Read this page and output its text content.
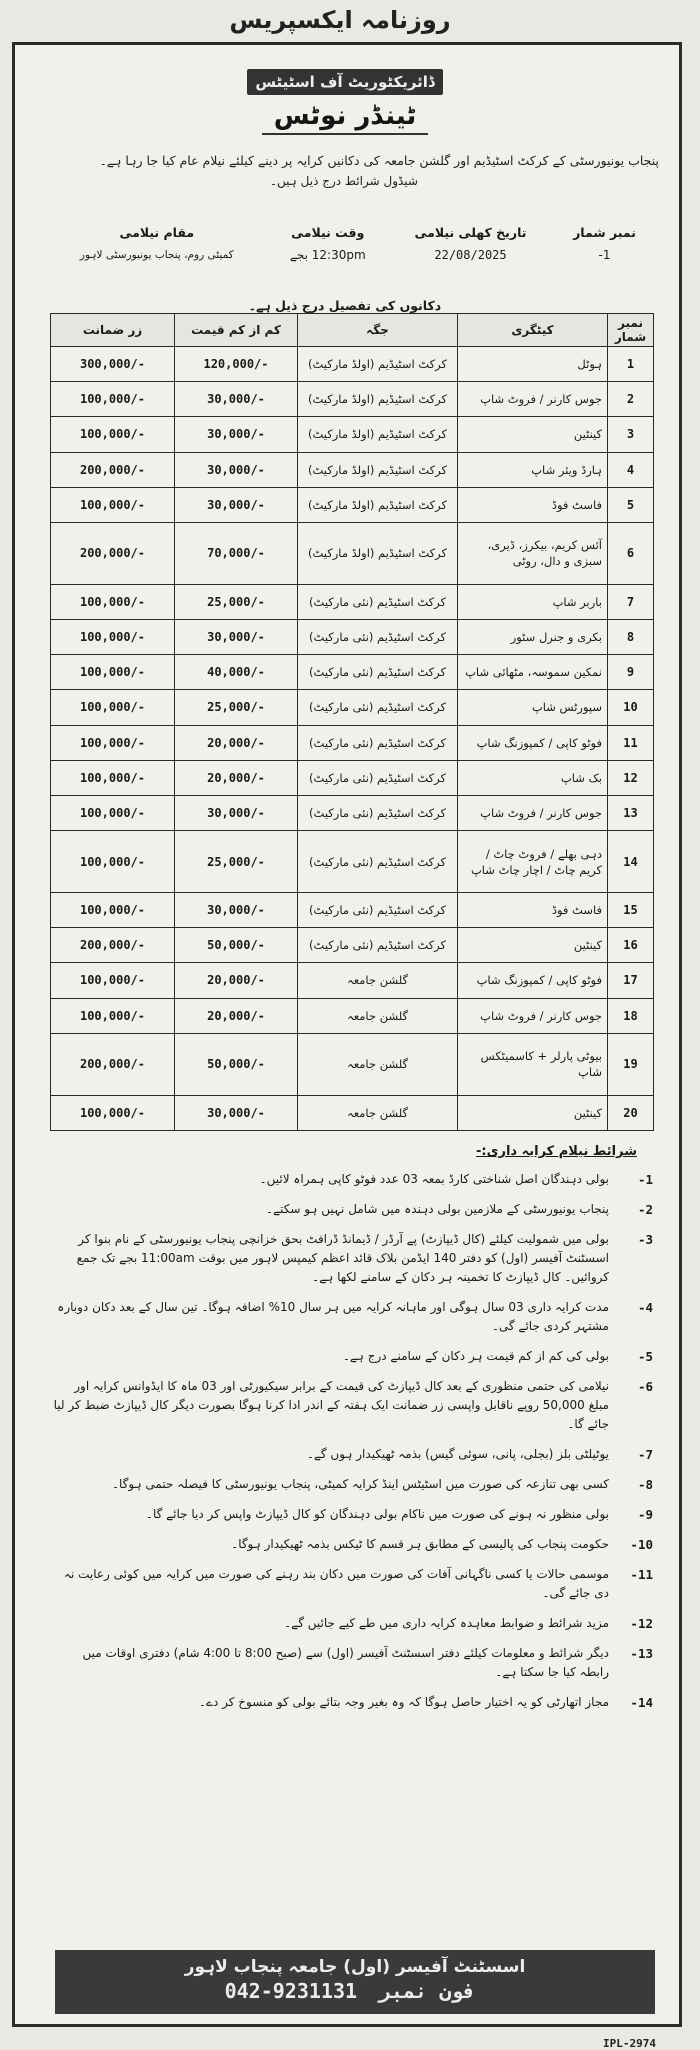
روزنامہ ایکسپریس
ڈائریکٹوریٹ آف اسٹیٹس
ٹینڈر نوٹس
پنجاب یونیورسٹی کے کرکٹ اسٹیڈیم اور گلشن جامعہ کی دکانیں کرایہ پر دینے کیلئے نیلام عام کیا جا رہا ہے۔
شیڈول شرائط درج ذیل ہیں۔
نمبر شمار	تاریخ کھلی نیلامی	وقت نیلامی	مقام نیلامی
-1	22/08/2025	12:30pm بجے	کمیٹی روم، پنجاب یونیورسٹی لاہور
دکانوں کی تفصیل درج ذیل ہے۔
نمبر شمار	کیٹگری	جگہ	کم از کم قیمت	زر ضمانت
1	ہوٹل	کرکٹ اسٹیڈیم (اولڈ مارکیٹ)	120,000/-	300,000/-
2	جوس کارنر / فروٹ شاپ	کرکٹ اسٹیڈیم (اولڈ مارکیٹ)	30,000/-	100,000/-
3	کینٹین	کرکٹ اسٹیڈیم (اولڈ مارکیٹ)	30,000/-	100,000/-
4	ہارڈ ویئر شاپ	کرکٹ اسٹیڈیم (اولڈ مارکیٹ)	30,000/-	200,000/-
5	فاسٹ فوڈ	کرکٹ اسٹیڈیم (اولڈ مارکیٹ)	30,000/-	100,000/-
6	آئس کریم، بیکرز، ڈیری، سبزی و دال، روٹی	کرکٹ اسٹیڈیم (اولڈ مارکیٹ)	70,000/-	200,000/-
7	باربر شاپ	کرکٹ اسٹیڈیم (نئی مارکیٹ)	25,000/-	100,000/-
8	بکری و جنرل سٹور	کرکٹ اسٹیڈیم (نئی مارکیٹ)	30,000/-	100,000/-
9	نمکین سموسہ، مٹھائی شاپ	کرکٹ اسٹیڈیم (نئی مارکیٹ)	40,000/-	100,000/-
10	سپورٹس شاپ	کرکٹ اسٹیڈیم (نئی مارکیٹ)	25,000/-	100,000/-
11	فوٹو کاپی / کمپوزنگ شاپ	کرکٹ اسٹیڈیم (نئی مارکیٹ)	20,000/-	100,000/-
12	بک شاپ	کرکٹ اسٹیڈیم (نئی مارکیٹ)	20,000/-	100,000/-
13	جوس کارنر / فروٹ شاپ	کرکٹ اسٹیڈیم (نئی مارکیٹ)	30,000/-	100,000/-
14	دہی بھلے / فروٹ چاٹ / کریم چاٹ / اچار چاٹ شاپ	کرکٹ اسٹیڈیم (نئی مارکیٹ)	25,000/-	100,000/-
15	فاسٹ فوڈ	کرکٹ اسٹیڈیم (نئی مارکیٹ)	30,000/-	100,000/-
16	کینٹین	کرکٹ اسٹیڈیم (نئی مارکیٹ)	50,000/-	200,000/-
17	فوٹو کاپی / کمپوزنگ شاپ	گلشن جامعہ	20,000/-	100,000/-
18	جوس کارنر / فروٹ شاپ	گلشن جامعہ	20,000/-	100,000/-
19	بیوٹی پارلر + کاسمیٹکس شاپ	گلشن جامعہ	50,000/-	200,000/-
20	کینٹین	گلشن جامعہ	30,000/-	100,000/-
شرائط نیلام کرایہ داری:-
-1
بولی دہندگان اصل شناختی کارڈ بمعہ 03 عدد فوٹو کاپی ہمراہ لائیں۔
-2
پنجاب یونیورسٹی کے ملازمین بولی دہندہ میں شامل نہیں ہو سکتے۔
-3
بولی میں شمولیت کیلئے (کال ڈیپازٹ) پے آرڈر / ڈیمانڈ ڈرافٹ بحق خزانچی پنجاب یونیورسٹی کے نام بنوا کر اسسٹنٹ آفیسر (اول) کو دفتر 140 ایڈمن بلاک قائد اعظم کیمپس لاہور میں بوقت 11:00am بجے تک جمع کروائیں۔ کال ڈیپازٹ کا تخمینہ ہر دکان کے سامنے لکھا ہے۔
-4
مدت کرایہ داری 03 سال ہوگی اور ماہانہ کرایہ میں ہر سال 10% اضافہ ہوگا۔ تین سال کے بعد دکان دوبارہ مشتہر کردی جائے گی۔
-5
بولی کی کم از کم قیمت ہر دکان کے سامنے درج ہے۔
-6
نیلامی کی حتمی منظوری کے بعد کال ڈیپازٹ کی قیمت کے برابر سیکیورٹی اور 03 ماہ کا ایڈوانس کرایہ اور مبلغ 50,000 روپے ناقابل واپسی زر ضمانت ایک ہفتہ کے اندر ادا کرنا ہوگا بصورت دیگر کال ڈیپازٹ ضبط کر لیا جائے گا۔
-7
یوٹیلٹی بلز (بجلی، پانی، سوئی گیس) بذمہ ٹھیکیدار ہوں گے۔
-8
کسی بھی تنازعہ کی صورت میں اسٹیٹس اینڈ کرایہ کمیٹی، پنجاب یونیورسٹی کا فیصلہ حتمی ہوگا۔
-9
بولی منظور نہ ہونے کی صورت میں ناکام بولی دہندگان کو کال ڈیپازٹ واپس کر دیا جائے گا۔
-10
حکومت پنجاب کی پالیسی کے مطابق ہر قسم کا ٹیکس بذمہ ٹھیکیدار ہوگا۔
-11
موسمی حالات یا کسی ناگہانی آفات کی صورت میں دکان بند رہنے کی صورت میں کرایہ میں کوئی رعایت نہ دی جائے گی۔
-12
مزید شرائط و ضوابط معاہدہ کرایہ داری میں طے کیے جائیں گے۔
-13
دیگر شرائط و معلومات کیلئے دفتر اسسٹنٹ آفیسر (اول) سے (صبح 8:00 تا 4:00 شام) دفتری اوقات میں رابطہ کیا جا سکتا ہے۔
-14
مجاز اتھارٹی کو یہ اختیار حاصل ہوگا کہ وہ بغیر وجہ بتائے بولی کو منسوخ کر دے۔
اسسٹنٹ آفیسر (اول) جامعہ پنجاب لاہور
فون نمبر 042-9231131
IPL-2974
